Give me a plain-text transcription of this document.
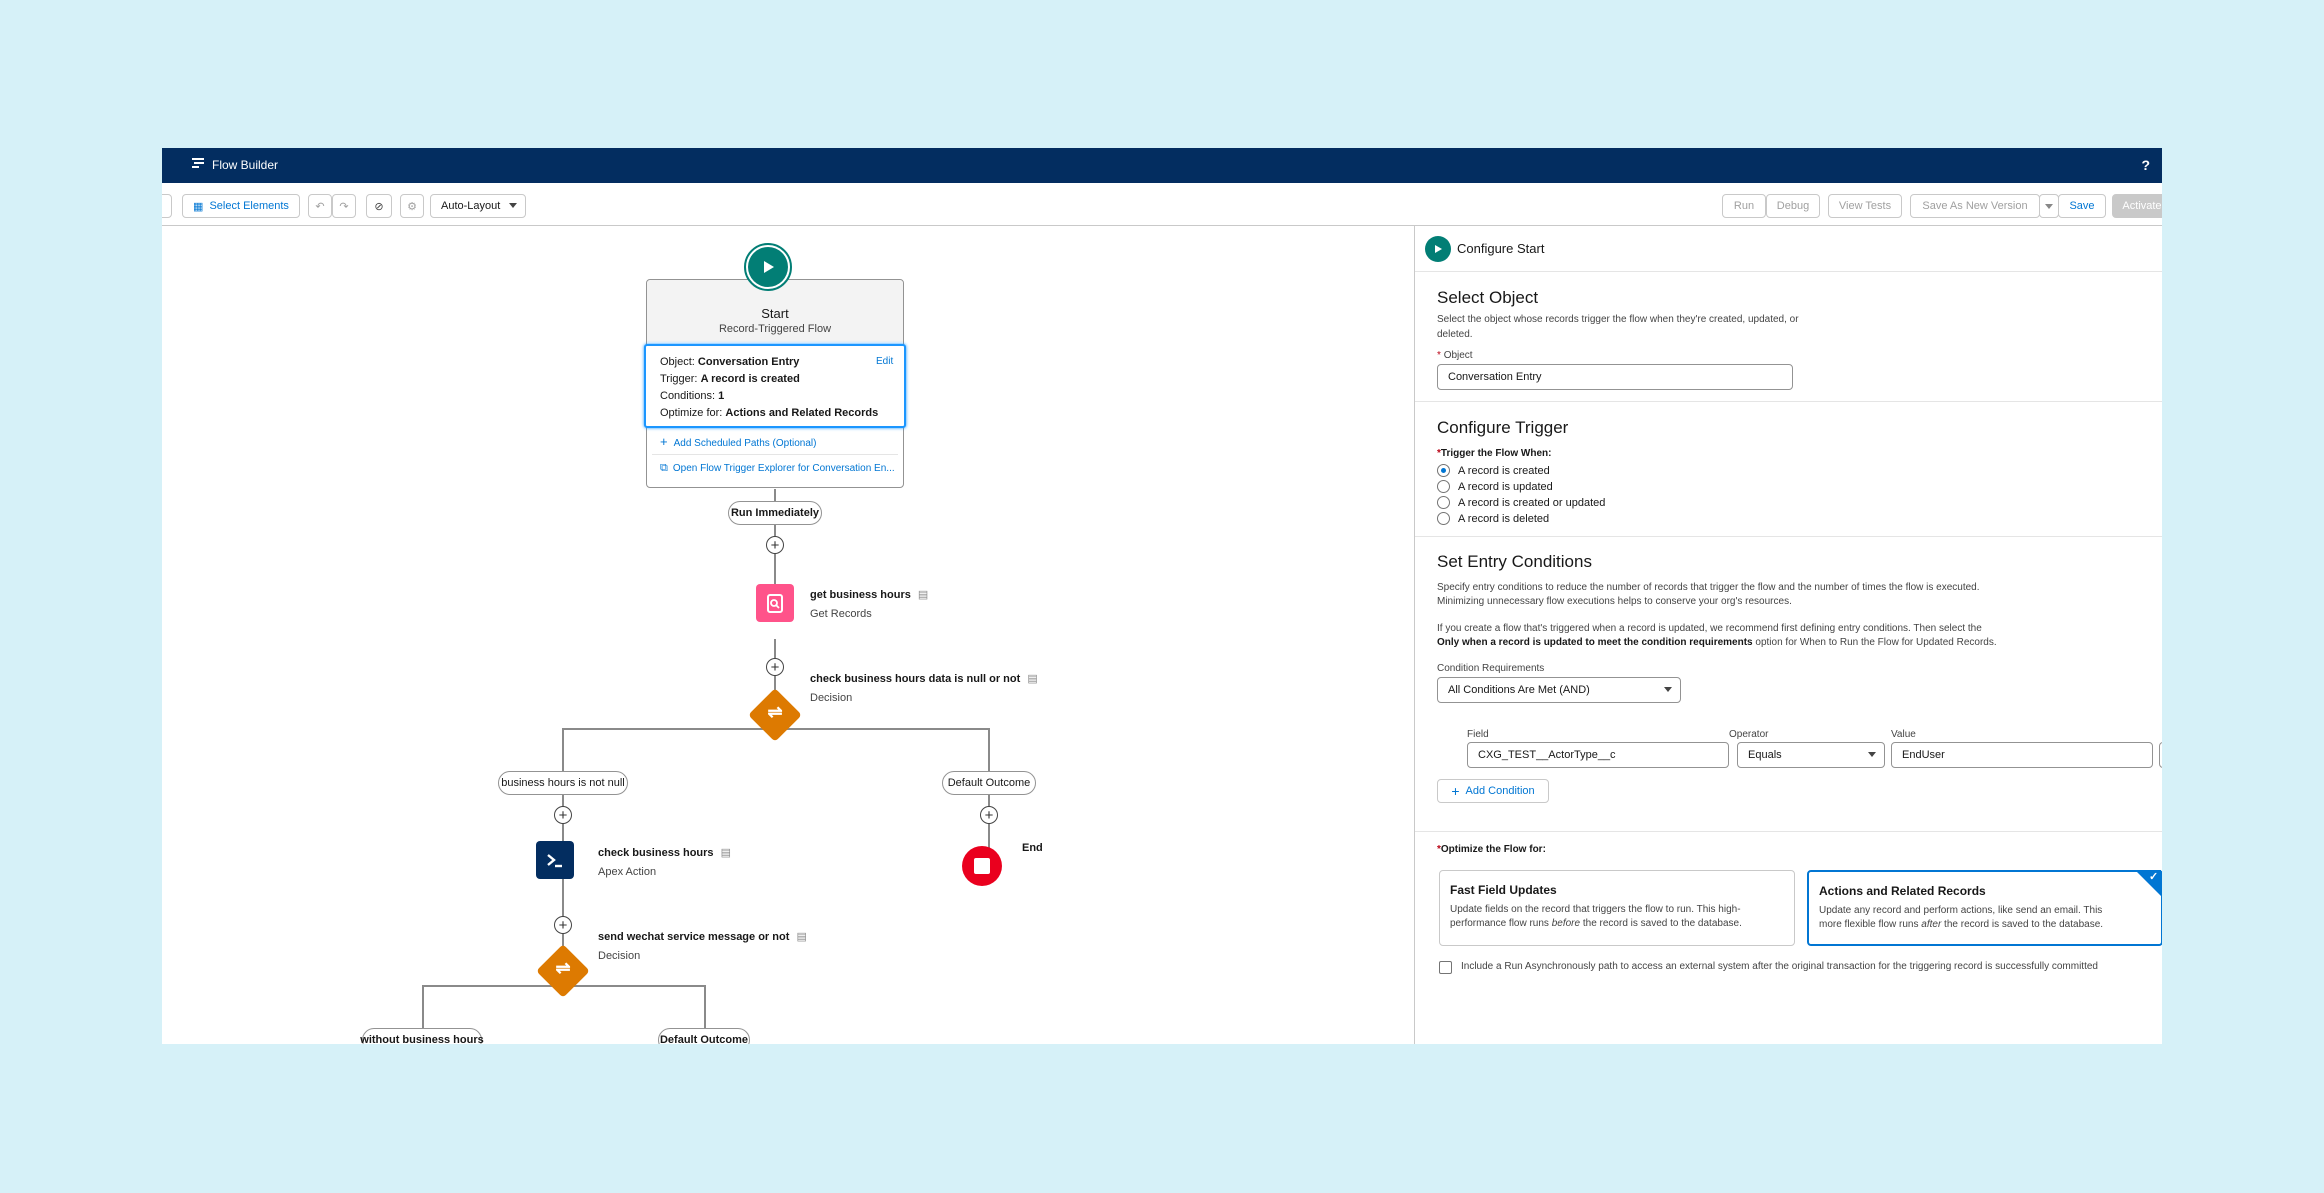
Flow Builder	?
▦ Select Elements ↶ ↷ ⊘ ⚙ Auto-Layout	Run Debug	View Tests	Save As New Version	Save	Activate
Start
Record-Triggered Flow
Object: Conversation Entry	Edit
Trigger: A record is created
Conditions: 1
Optimize for: Actions and Related Records
+ Add Scheduled Paths (Optional)
⧉ Open Flow Trigger Explorer for Conversation En...
Run Immediately
+
get business hours ▤
Get Records
+
⇌
check business hours data is null or not ▤
Decision
business hours is not null	Default Outcome
+	+
End
check business hours ▤
Apex Action
+
⇌
send wechat service message or not ▤
Decision
without business hours	Default Outcome
Configure Start
Select Object
Select the object whose records trigger the flow when they're created, updated, or
deleted.
* Object
Conversation Entry
Configure Trigger
*Trigger the Flow When:
A record is created
A record is updated
A record is created or updated
A record is deleted
Set Entry Conditions
Specify entry conditions to reduce the number of records that trigger the flow and the number of times the flow is executed.
Minimizing unnecessary flow executions helps to conserve your org's resources.
If you create a flow that's triggered when a record is updated, we recommend first defining entry conditions. Then select the
Only when a record is updated to meet the condition requirements option for When to Run the Flow for Updated Records.
Condition Requirements
All Conditions Are Met (AND)
Field	Operator	Value
CXG_TEST__ActorType__c	Equals	EndUser
+ Add Condition
*Optimize the Flow for:
Fast Field Updates
Update fields on the record that triggers the flow to run. This high-
performance flow runs before the record is saved to the database.
Actions and Related Records
Update any record and perform actions, like send an email. This
more flexible flow runs after the record is saved to the database.
✓
Include a Run Asynchronously path to access an external system after the original transaction for the triggering record is successfully committed
